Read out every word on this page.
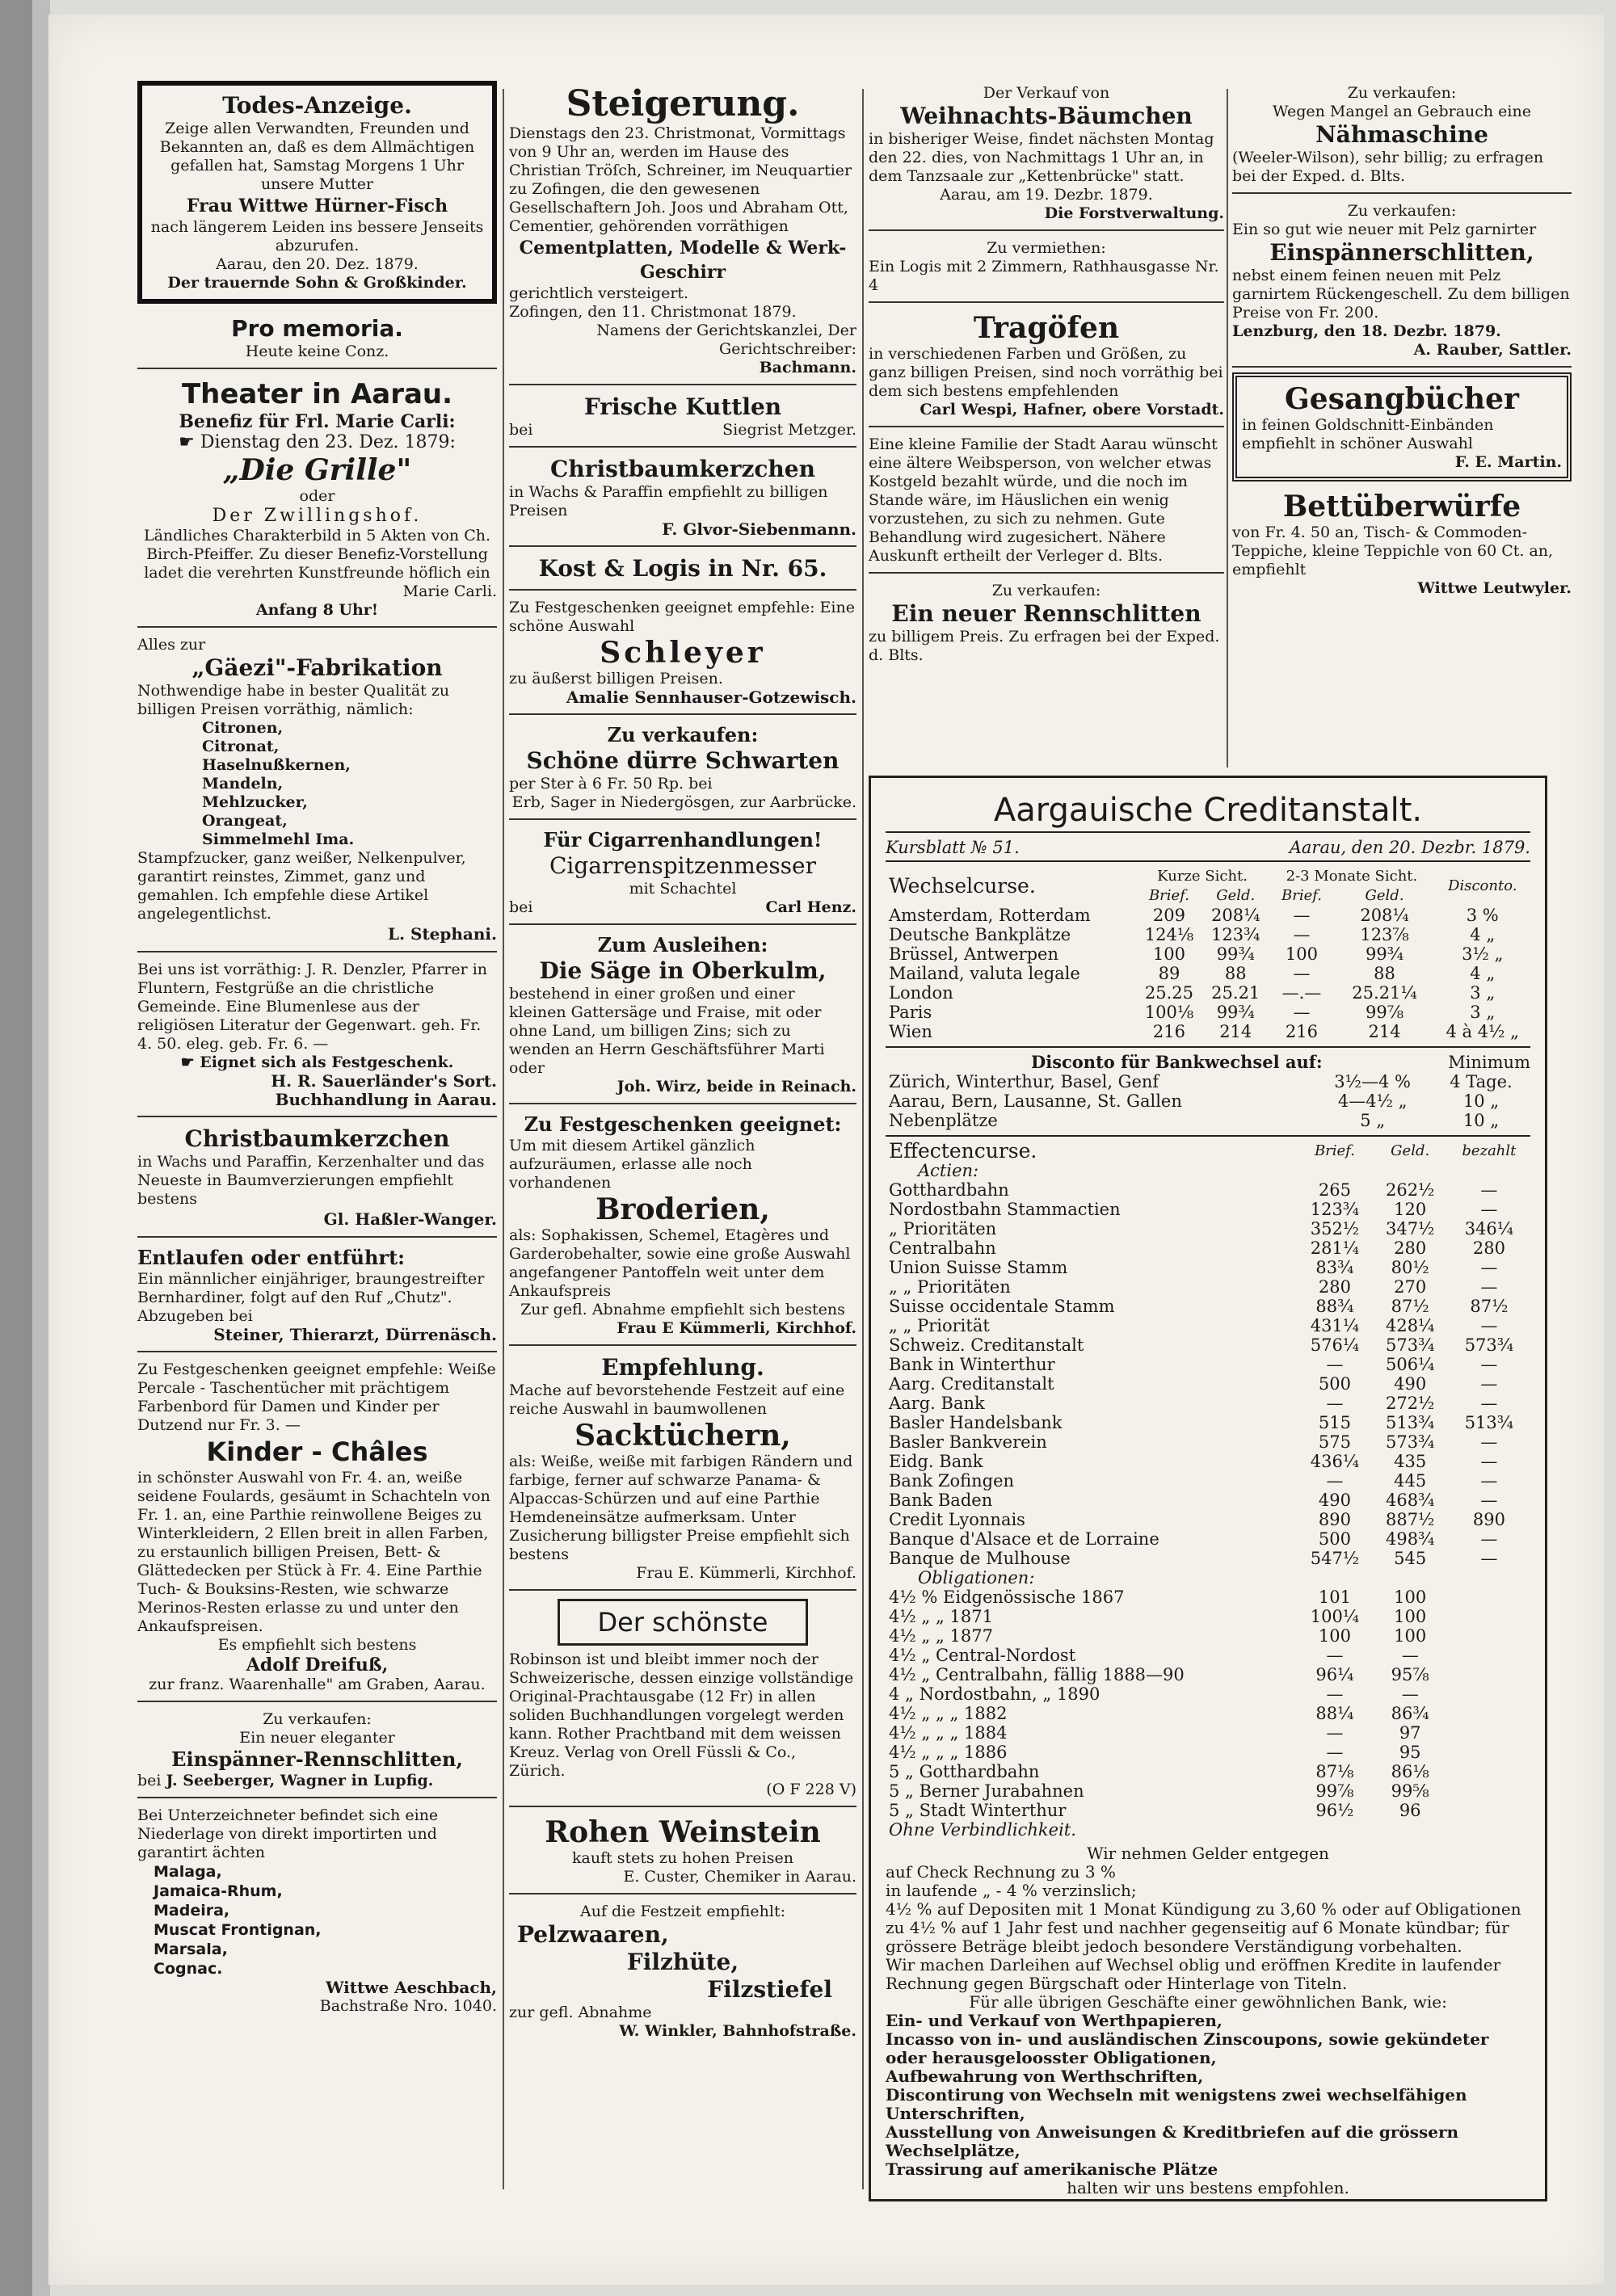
Todes-Anzeige.
Zeige allen Verwandten, Freunden und Bekannten an, daß es dem Allmächtigen gefallen hat, Samstag Morgens 1 Uhr unsere Mutter
Frau Wittwe Hürner-Fisch
nach längerem Leiden ins bessere Jenseits abzurufen.
Aarau, den 20. Dez. 1879.
Der trauernde Sohn & Großkinder.
Pro memoria.
Heute keine Conz.
Theater in Aarau.
Benefiz für Frl. Marie Carli:
☛ Dienstag den 23. Dez. 1879:
„Die Grille"
oder
Der Zwillingshof.
Ländliches Charakterbild in 5 Akten von Ch. Birch-Pfeiffer. Zu dieser Benefiz-Vorstellung ladet die verehrten Kunstfreunde höflich ein
Marie Carli.
Anfang 8 Uhr!
Alles zur
„Gäezi"-Fabrikation
Nothwendige habe in bester Qualität zu billigen Preisen vorräthig, nämlich:
Citronen,
Citronat,
Haselnußkernen,
Mandeln,
Mehlzucker,
Orangeat,
Simmelmehl Ima.
Stampfzucker, ganz weißer, Nelkenpulver, garantirt reinstes, Zimmet, ganz und gemahlen. Ich empfehle diese Artikel angelegentlichst.
L. Stephani.
Bei uns ist vorräthig: J. R. Denzler, Pfarrer in Fluntern, Festgrüße an die christliche Gemeinde. Eine Blumenlese aus der religiösen Literatur der Gegenwart. geh. Fr. 4. 50. eleg. geb. Fr. 6. —
☛ Eignet sich als Festgeschenk.
H. R. Sauerländer's Sort. Buchhandlung in Aarau.
Christbaumkerzchen
in Wachs und Paraffin, Kerzenhalter und das Neueste in Baumverzierungen empfiehlt bestens
Gl. Haßler-Wanger.
Entlaufen oder entführt:
Ein männlicher einjähriger, braungestreifter Bernhardiner, folgt auf den Ruf „Chutz". Abzugeben bei
Steiner, Thierarzt, Dürrenäsch.
Zu Festgeschenken geeignet empfehle: Weiße Percale - Taschentücher mit prächtigem Farbenbord für Damen und Kinder per Dutzend nur Fr. 3. —
Kinder - Châles
in schönster Auswahl von Fr. 4. an, weiße seidene Foulards, gesäumt in Schachteln von Fr. 1. an, eine Parthie reinwollene Beiges zu Winterkleidern, 2 Ellen breit in allen Farben, zu erstaunlich billigen Preisen, Bett- & Glättedecken per Stück à Fr. 4. Eine Parthie Tuch- & Bouksins-Resten, wie schwarze Merinos-Resten erlasse zu und unter den Ankaufspreisen.
Es empfiehlt sich bestens
Adolf Dreifuß,
zur franz. Waarenhalle" am Graben, Aarau.
Zu verkaufen:
Ein neuer eleganter
Einspänner-Rennschlitten,
bei J. Seeberger, Wagner in Lupfig.
Bei Unterzeichneter befindet sich eine Niederlage von direkt importirten und garantirt ächten
Malaga,
Jamaica-Rhum,
Madeira,
Muscat Frontignan,
Marsala,
Cognac.
Wittwe Aeschbach,
Bachstraße Nro. 1040.
Steigerung.
Dienstags den 23. Christmonat, Vormittags von 9 Uhr an, werden im Hause des Christian Tröſch, Schreiner, im Neuquartier zu Zofingen, die den gewesenen Gesellschaftern Joh. Joos und Abraham Ott, Cementier, gehörenden vorräthigen
Cementplatten, Modelle & Werk-Geschirr
gerichtlich versteigert.
Zofingen, den 11. Christmonat 1879.
Namens der Gerichtskanzlei, Der Gerichtschreiber:
Bachmann.
Frische Kuttlen
bei	Siegrist Metzger.
Christbaumkerzchen
in Wachs & Paraffin empfiehlt zu billigen Preisen
F. Glvor-Siebenmann.
Kost & Logis in Nr. 65.
Zu Festgeschenken geeignet empfehle: Eine schöne Auswahl
Schleyer
zu äußerst billigen Preisen.
Amalie Sennhauser-Gotzewisch.
Zu verkaufen:
Schöne dürre Schwarten
per Ster à 6 Fr. 50 Rp. bei
Erb, Sager in Niedergösgen, zur Aarbrücke.
Für Cigarrenhandlungen!
Cigarrenspitzenmesser
mit Schachtel
bei	Carl Henz.
Zum Ausleihen:
Die Säge in Oberkulm,
bestehend in einer großen und einer kleinen Gattersäge und Fraise, mit oder ohne Land, um billigen Zins; sich zu wenden an Herrn Geschäftsführer Marti oder
Joh. Wirz, beide in Reinach.
Zu Festgeschenken geeignet:
Um mit diesem Artikel gänzlich aufzuräumen, erlasse alle noch vorhandenen
Broderien,
als: Sophakissen, Schemel, Etagères und Garderobehalter, sowie eine große Auswahl angefangener Pantoffeln weit unter dem Ankaufspreis
Zur gefl. Abnahme empfiehlt sich bestens
Frau E Kümmerli, Kirchhof.
Empfehlung.
Mache auf bevorstehende Festzeit auf eine reiche Auswahl in baumwollenen
Sacktüchern,
als: Weiße, weiße mit farbigen Rändern und farbige, ferner auf schwarze Panama- & Alpaccas-Schürzen und auf eine Parthie Hemdeneinsätze aufmerksam. Unter Zusicherung billigster Preise empfiehlt sich bestens
Frau E. Kümmerli, Kirchhof.
Der schönste
Robinson ist und bleibt immer noch der Schweizerische, dessen einzige vollständige Original-Prachtausgabe (12 Fr) in allen soliden Buchhandlungen vorgelegt werden kann. Rother Prachtband mit dem weissen Kreuz. Verlag von Orell Füssli & Co., Zürich.
(O F 228 V)
Rohen Weinstein
kauft stets zu hohen Preisen
E. Custer, Chemiker in Aarau.
Auf die Festzeit empfiehlt:
Pelzwaaren,
Filzhüte,
Filzstiefel
zur gefl. Abnahme
W. Winkler, Bahnhofstraße.
Der Verkauf von
Weihnachts-Bäumchen
in bisheriger Weise, findet nächsten Montag den 22. dies, von Nachmittags 1 Uhr an, in dem Tanzsaale zur „Kettenbrücke" statt.
Aarau, am 19. Dezbr. 1879.
Die Forstverwaltung.
Zu vermiethen:
Ein Logis mit 2 Zimmern, Rathhausgasse Nr. 4
Tragöfen
in verschiedenen Farben und Größen, zu ganz billigen Preisen, sind noch vorräthig bei dem sich bestens empfehlenden
Carl Wespi, Hafner, obere Vorstadt.
Eine kleine Familie der Stadt Aarau wünscht eine ältere Weibsperson, von welcher etwas Kostgeld bezahlt würde, und die noch im Stande wäre, im Häuslichen ein wenig vorzustehen, zu sich zu nehmen. Gute Behandlung wird zugesichert. Nähere Auskunft ertheilt der Verleger d. Blts.
Zu verkaufen:
Ein neuer Rennschlitten
zu billigem Preis. Zu erfragen bei der Exped. d. Blts.
Zu verkaufen:
Wegen Mangel an Gebrauch eine
Nähmaschine
(Weeler-Wilson), sehr billig; zu erfragen bei der Exped. d. Blts.
Zu verkaufen:
Ein so gut wie neuer mit Pelz garnirter
Einspännerschlitten,
nebst einem feinen neuen mit Pelz garnirtem Rückengeschell. Zu dem billigen Preise von Fr. 200.
Lenzburg, den 18. Dezbr. 1879.
A. Rauber, Sattler.
Gesangbücher
in feinen Goldschnitt-Einbänden empfiehlt in schöner Auswahl
F. E. Martin.
Bettüberwürfe
von Fr. 4. 50 an, Tisch- & Commoden-Teppiche, kleine Teppichle von 60 Ct. an, empfiehlt
Wittwe Leutwyler.
Aargauische Creditanstalt.
Kursblatt № 51.	Aarau, den 20. Dezbr. 1879.
Wechselcurse.	Kurze Sicht.		2-3 Monate Sicht.		Disconto.
	Brief.	Geld.	Brief.	Geld.	
Amsterdam, Rotterdam	209	208¼	—	208¼	3 %
Deutsche Bankplätze	124⅛	123¾	—	123⅞	4 „
Brüssel, Antwerpen	100	99¾	100	99¾	3½ „
Mailand, valuta legale	89	88	—	88	4 „
London	25.25	25.21	—.—	25.21¼	3 „
Paris	100⅛	99¾	—	99⅞	3 „
Wien	216	214	216	214	4 à 4½ „
Disconto für Bankwechsel auf:	Minimum
Zürich, Winterthur, Basel, Genf	3½—4 %	4 Tage.
Aarau, Bern, Lausanne, St. Gallen	4—4½ „	10 „
Nebenplätze	5 „	10 „
Effectencurse.	Brief.	Geld.	bezahlt
Actien:			
Gotthardbahn	265	262½	—
Nordostbahn Stammactien	123¾	120	—
„ Prioritäten	352½	347½	346¼
Centralbahn	281¼	280	280
Union Suisse Stamm	83¾	80½	—
„ „ Prioritäten	280	270	—
Suisse occidentale Stamm	88¾	87½	87½
„ „ Priorität	431¼	428¼	—
Schweiz. Creditanstalt	576¼	573¾	573¾
Bank in Winterthur	—	506¼	—
Aarg. Creditanstalt	500	490	—
Aarg. Bank	—	272½	—
Basler Handelsbank	515	513¾	513¾
Basler Bankverein	575	573¾	—
Eidg. Bank	436¼	435	—
Bank Zofingen	—	445	—
Bank Baden	490	468¾	—
Credit Lyonnais	890	887½	890
Banque d'Alsace et de Lorraine	500	498¾	—
Banque de Mulhouse	547½	545	—
Obligationen:			
4½ % Eidgenössische 1867	101	100	
4½ „ „ 1871	100¼	100	
4½ „ „ 1877	100	100	
4½ „ Central-Nordost	—	—	
4½ „ Centralbahn, fällig 1888—90	96¼	95⅞	
4 „ Nordostbahn, „ 1890	—	—	
4½ „ „ „ 1882	88¼	86¾	
4½ „ „ „ 1884	—	97	
4½ „ „ „ 1886	—	95	
5 „ Gotthardbahn	87⅛	86⅛	
5 „ Berner Jurabahnen	99⅞	99⅝	
5 „ Stadt Winterthur	96½	96	
Ohne Verbindlichkeit.			
Wir nehmen Gelder entgegen
auf Check Rechnung zu 3 %
in laufende „ - 4 % verzinslich;
4½ % auf Depositen mit 1 Monat Kündigung zu 3,60 % oder auf Obligationen zu 4½ % auf 1 Jahr fest und nachher gegenseitig auf 6 Monate kündbar; für grössere Beträge bleibt jedoch besondere Verständigung vorbehalten.
Wir machen Darleihen auf Wechsel oblig und eröffnen Kredite in laufender Rechnung gegen Bürgschaft oder Hinterlage von Titeln.
Für alle übrigen Geschäfte einer gewöhnlichen Bank, wie:
Ein- und Verkauf von Werthpapieren,
Incasso von in- und ausländischen Zinscoupons, sowie gekündeter oder herausgeloosster Obligationen,
Aufbewahrung von Werthschriften,
Discontirung von Wechseln mit wenigstens zwei wechselfähigen Unterschriften,
Ausstellung von Anweisungen & Kreditbriefen auf die grössern Wechselplätze,
Trassirung auf amerikanische Plätze
halten wir uns bestens empfohlen.
